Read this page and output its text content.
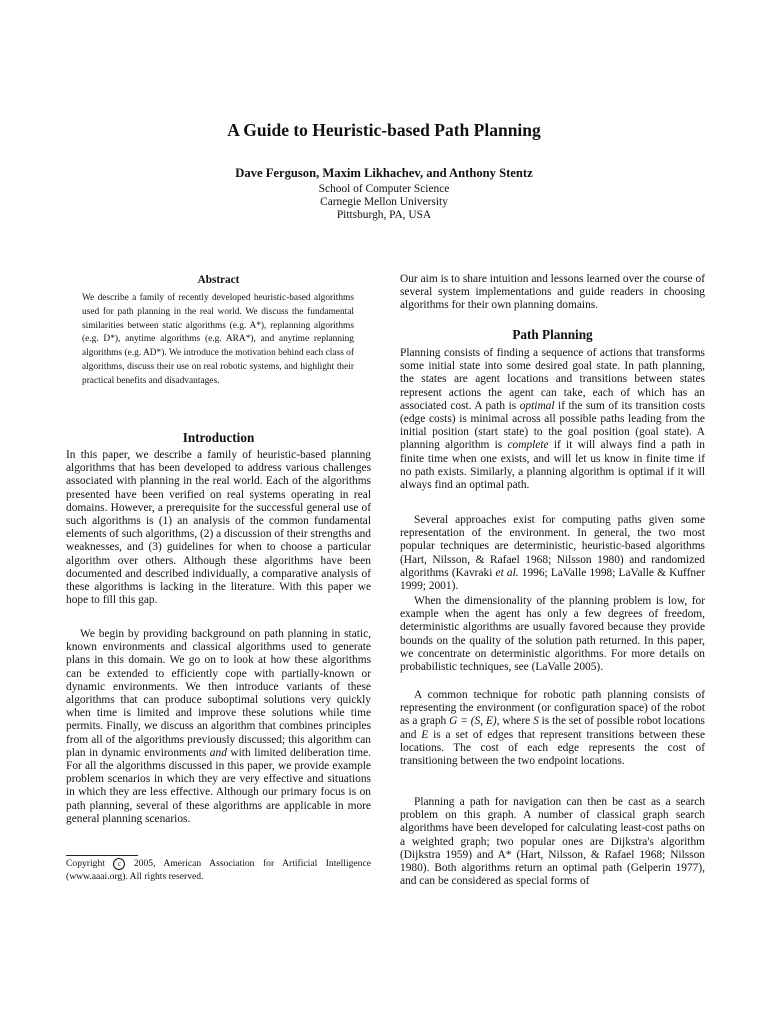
A Guide to Heuristic-based Path Planning
Dave Ferguson, Maxim Likhachev, and Anthony Stentz
School of Computer Science
Carnegie Mellon University
Pittsburgh, PA, USA
Abstract

We describe a family of recently developed heuristic-based algorithms used for path planning in the real world. We discuss the fundamental similarities between static algorithms (e.g. A*), replanning algorithms (e.g. D*), anytime algorithms (e.g. ARA*), and anytime replanning algorithms (e.g. AD*). We introduce the motivation behind each class of algorithms, discuss their use on real robotic systems, and highlight their practical benefits and disadvantages.

Introduction

In this paper, we describe a family of heuristic-based planning algorithms that has been developed to address various challenges associated with planning in the real world. Each of the algorithms presented have been verified on real systems operating in real domains. However, a prerequisite for the successful general use of such algorithms is (1) an analysis of the common fundamental elements of such algorithms, (2) a discussion of their strengths and weaknesses, and (3) guidelines for when to choose a particular algorithm over others. Although these algorithms have been documented and described individually, a comparative analysis of these algorithms is lacking in the literature. With this paper we hope to fill this gap.

We begin by providing background on path planning in static, known environments and classical algorithms used to generate plans in this domain. We go on to look at how these algorithms can be extended to efficiently cope with partially-known or dynamic environments. We then introduce variants of these algorithms that can produce suboptimal solutions very quickly when time is limited and improve these solutions while time permits. Finally, we discuss an algorithm that combines principles from all of the algorithms previously discussed; this algorithm can plan in dynamic environments and with limited deliberation time. For all the algorithms discussed in this paper, we provide example problem scenarios in which they are very effective and situations in which they are less effective. Although our primary focus is on path planning, several of these algorithms are applicable in more general planning scenarios.

Copyright c 2005, American Association for Artificial Intelligence (www.aaai.org). All rights reserved.

Our aim is to share intuition and lessons learned over the course of several system implementations and guide readers in choosing algorithms for their own planning domains.

Path Planning

Planning consists of finding a sequence of actions that transforms some initial state into some desired goal state. In path planning, the states are agent locations and transitions between states represent actions the agent can take, each of which has an associated cost. A path is optimal if the sum of its transition costs (edge costs) is minimal across all possible paths leading from the initial position (start state) to the goal position (goal state). A planning algorithm is complete if it will always find a path in finite time when one exists, and will let us know in finite time if no path exists. Similarly, a planning algorithm is optimal if it will always find an optimal path.

Several approaches exist for computing paths given some representation of the environment. In general, the two most popular techniques are deterministic, heuristic-based algorithms (Hart, Nilsson, & Rafael 1968; Nilsson 1980) and randomized algorithms (Kavraki et al. 1996; LaValle 1998; LaValle & Kuffner 1999; 2001).

When the dimensionality of the planning problem is low, for example when the agent has only a few degrees of freedom, deterministic algorithms are usually favored because they provide bounds on the quality of the solution path returned. In this paper, we concentrate on deterministic algorithms. For more details on probabilistic techniques, see (LaValle 2005).

A common technique for robotic path planning consists of representing the environment (or configuration space) of the robot as a graph G = (S, E), where S is the set of possible robot locations and E is a set of edges that represent transitions between these locations. The cost of each edge represents the cost of transitioning between the two endpoint locations.

Planning a path for navigation can then be cast as a search problem on this graph. A number of classical graph search algorithms have been developed for calculating least-cost paths on a weighted graph; two popular ones are Dijkstra's algorithm (Dijkstra 1959) and A* (Hart, Nilsson, & Rafael 1968; Nilsson 1980). Both algorithms return an optimal path (Gelperin 1977), and can be considered as special forms of
